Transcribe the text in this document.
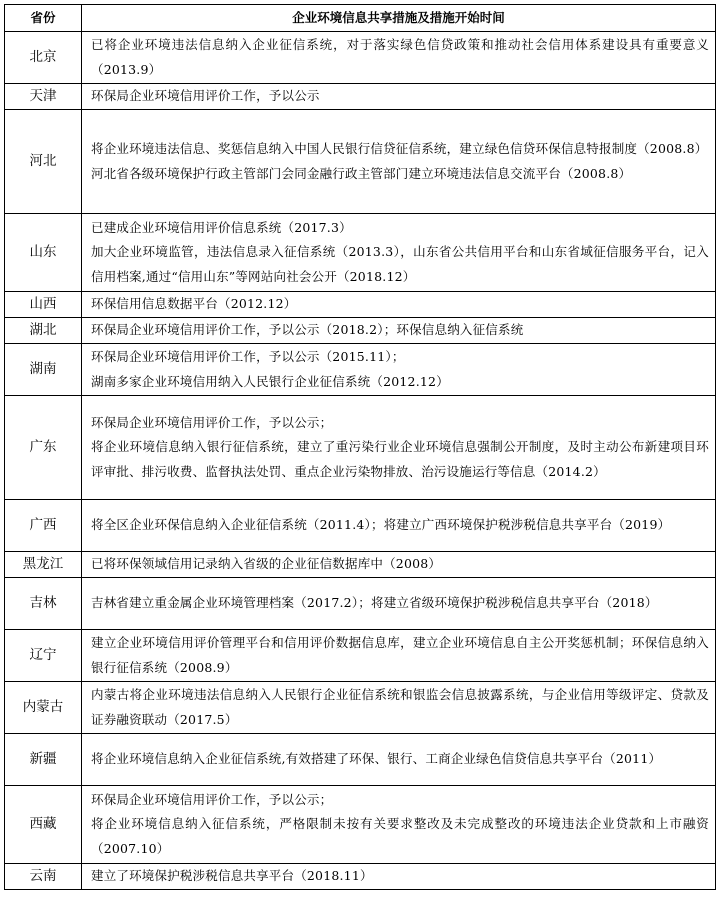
省份	企业环境信息共享措施及措施开始时间
北京	已将企业环境违法信息纳入企业征信系统，对于落实绿色信贷政策和推动社会信用体系建设具有重要意义（2013.9）

天津	环保局企业环境信用评价工作，予以公示

河北	将企业环境违法信息、奖惩信息纳入中国人民银行信贷征信系统，建立绿色信贷环保信息特报制度（2008.8）
河北省各级环境保护行政主管部门会同金融行政主管部门建立环境违法信息交流平台（2008.8）

山东	已建成企业环境信用评价信息系统（2017.3）
加大企业环境监管，违法信息录入征信系统（2013.3），山东省公共信用平台和山东省域征信服务平台，记入信用档案,通过“信用山东”等网站向社会公开（2018.12）

山西	环保信用信息数据平台（2012.12）

湖北	环保局企业环境信用评价工作，予以公示（2018.2）；环保信息纳入征信系统

湖南	环保局企业环境信用评价工作，予以公示（2015.11）；
湖南多家企业环境信用纳入人民银行企业征信系统（2012.12）

广东	环保局企业环境信用评价工作，予以公示；
将企业环境信息纳入银行征信系统，建立了重污染行业企业环境信息强制公开制度，及时主动公布新建项目环评审批、排污收费、监督执法处罚、重点企业污染物排放、治污设施运行等信息（2014.2）

广西	将全区企业环保信息纳入企业征信系统（2011.4）；将建立广西环境保护税涉税信息共享平台（2019）

黑龙江	已将环保领域信用记录纳入省级的企业征信数据库中（2008）

吉林	吉林省建立重金属企业环境管理档案（2017.2）；将建立省级环境保护税涉税信息共享平台（2018）

辽宁	建立企业环境信用评价管理平台和信用评价数据信息库，建立企业环境信息自主公开奖惩机制；环保信息纳入银行征信系统（2008.9）

内蒙古	内蒙古将企业环境违法信息纳入人民银行企业征信系统和银监会信息披露系统，与企业信用等级评定、贷款及证券融资联动（2017.5）

新疆	将企业环境信息纳入企业征信系统,有效搭建了环保、银行、工商企业绿色信贷信息共享平台（2011）

西藏	环保局企业环境信用评价工作，予以公示；
将企业环境信息纳入征信系统，严格限制未按有关要求整改及未完成整改的环境违法企业贷款和上市融资（2007.10）

云南	建立了环境保护税涉税信息共享平台（2018.11）
